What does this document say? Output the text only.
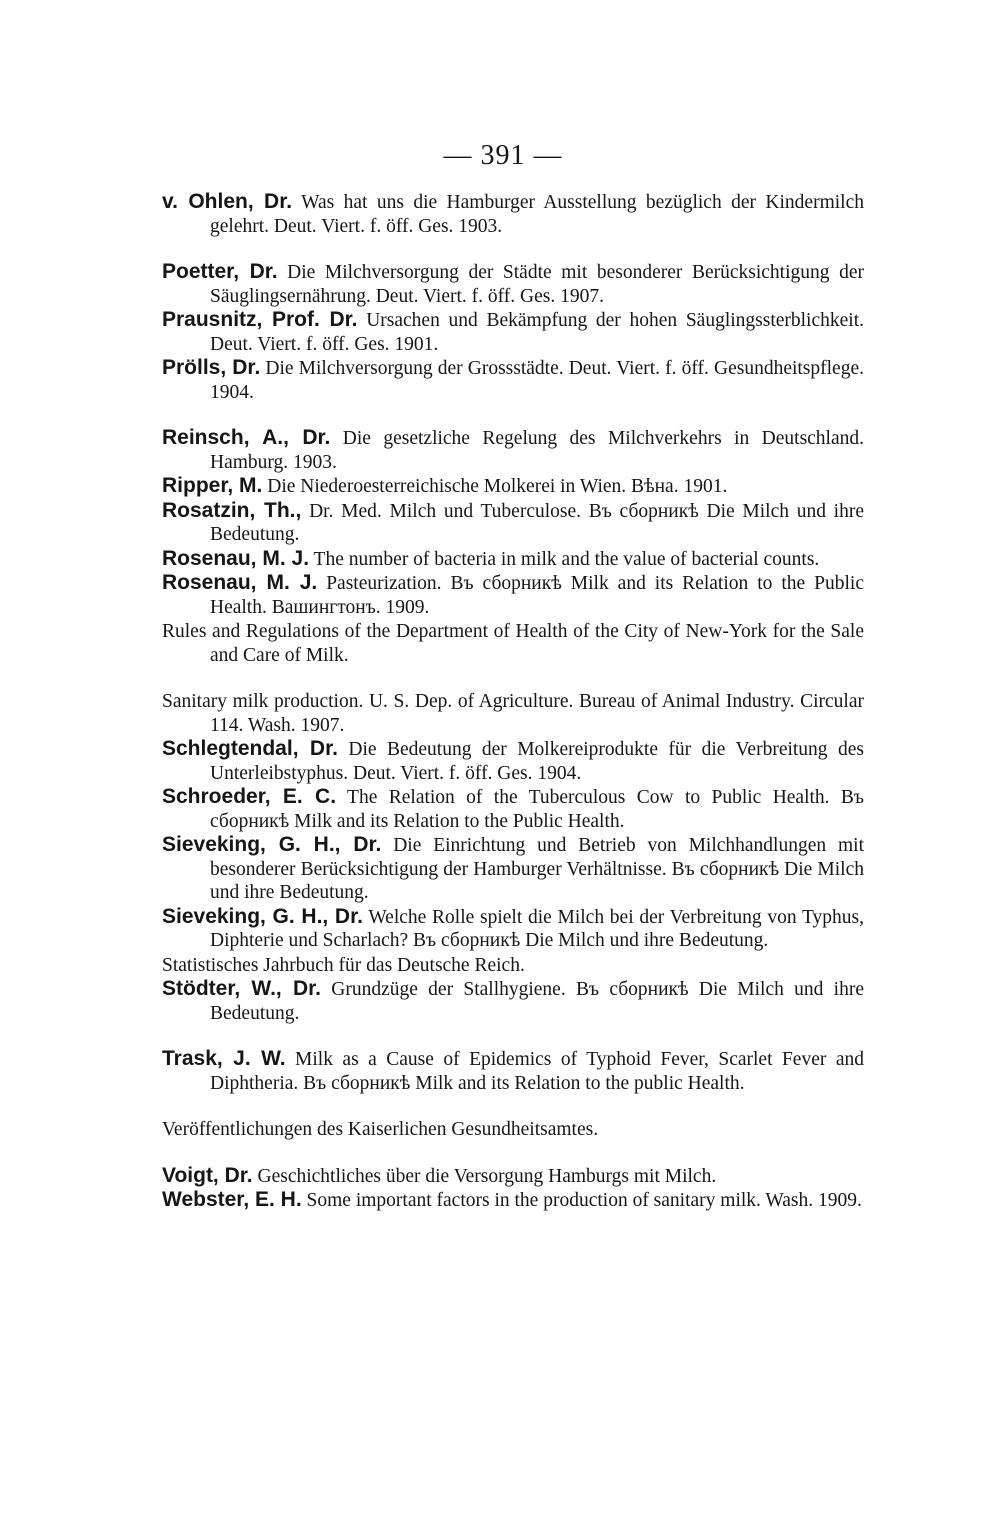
— 391 —

v. Ohlen, Dr. Was hat uns die Hamburger Ausstellung bezüglich der Kindermilch gelehrt. Deut. Viert. f. öff. Ges. 1903.

Poetter, Dr. Die Milchversorgung der Städte mit besonderer Berücksichtigung der Säuglingsernährung. Deut. Viert. f. öff. Ges. 1907.

Prausnitz, Prof. Dr. Ursachen und Bekämpfung der hohen Säuglingssterblichkeit. Deut. Viert. f. öff. Ges. 1901.

Prölls, Dr. Die Milchversorgung der Grossstädte. Deut. Viert. f. öff. Gesundheitspflege. 1904.

Reinsch, A., Dr. Die gesetzliche Regelung des Milchverkehrs in Deutschland. Hamburg. 1903.

Ripper, M. Die Niederoesterreichische Molkerei in Wien. Вѣна. 1901.

Rosatzin, Th., Dr. Med. Milch und Tuberculose. Въ сборникѣ Die Milch und ihre Bedeutung.

Rosenau, M. J. The number of bacteria in milk and the value of bacterial counts.

Rosenau, M. J. Pasteurization. Въ сборникѣ Milk and its Relation to the Public Health. Вашингтонъ. 1909.

Rules and Regulations of the Department of Health of the City of New-York for the Sale and Care of Milk.

Sanitary milk production. U. S. Dep. of Agriculture. Bureau of Animal Industry. Circular 114. Wash. 1907.

Schlegtendal, Dr. Die Bedeutung der Molkereiprodukte für die Verbreitung des Unterleibstyphus. Deut. Viert. f. öff. Ges. 1904.

Schroeder, E. C. The Relation of the Tuberculous Cow to Public Health. Въ сборникѣ Milk and its Relation to the Public Health.

Sieveking, G. H., Dr. Die Einrichtung und Betrieb von Milchhandlungen mit besonderer Berücksichtigung der Hamburger Verhältnisse. Въ сборникѣ Die Milch und ihre Bedeutung.

Sieveking, G. H., Dr. Welche Rolle spielt die Milch bei der Verbreitung von Typhus, Diphterie und Scharlach? Въ сборникѣ Die Milch und ihre Bedeutung.

Statistisches Jahrbuch für das Deutsche Reich.

Stödter, W., Dr. Grundzüge der Stallhygiene. Въ сборникѣ Die Milch und ihre Bedeutung.

Trask, J. W. Milk as a Cause of Epidemics of Typhoid Fever, Scarlet Fever and Diphtheria. Въ сборникѣ Milk and its Relation to the public Health.

Veröffentlichungen des Kaiserlichen Gesundheitsamtes.

Voigt, Dr. Geschichtliches über die Versorgung Hamburgs mit Milch.

Webster, E. H. Some important factors in the production of sanitary milk. Wash. 1909.
